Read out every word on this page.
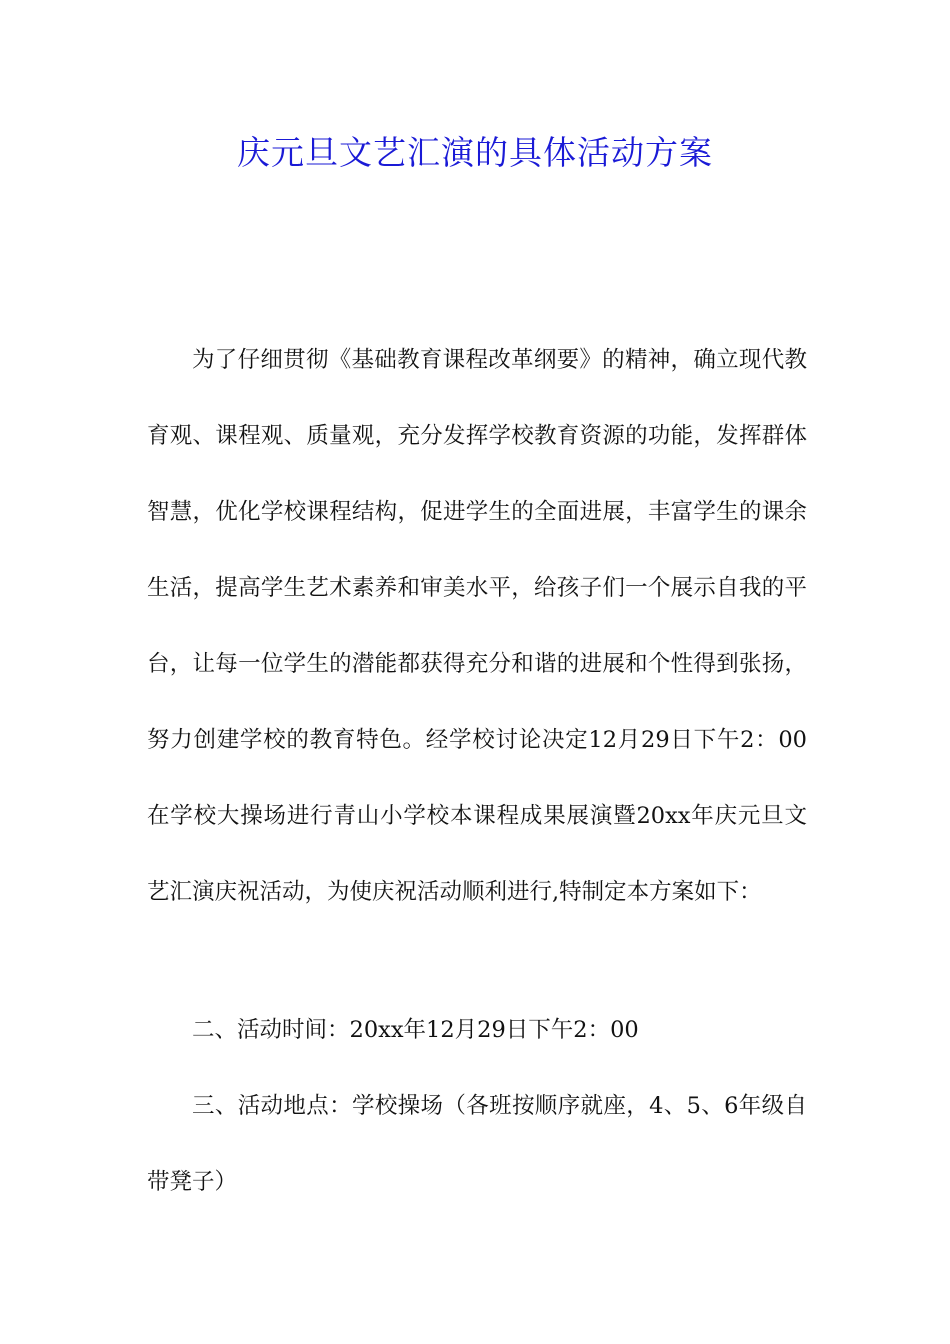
庆元旦文艺汇演的具体活动方案

为了仔细贯彻《基础教育课程改革纲要》的精神，确立现代教育观、课程观、质量观，充分发挥学校教育资源的功能，发挥群体智慧，优化学校课程结构，促进学生的全面进展，丰富学生的课余生活，提高学生艺术素养和审美水平，给孩子们一个展示自我的平台，让每一位学生的潜能都获得充分和谐的进展和个性得到张扬，努力创建学校的教育特色。经学校讨论决定12月29日下午2：00在学校大操场进行青山小学校本课程成果展演暨20xx年庆元旦文艺汇演庆祝活动，为使庆祝活动顺利进行,特制定本方案如下：

二、活动时间：20xx年12月29日下午2：00

三、活动地点：学校操场（各班按顺序就座，4、5、6年级自带凳子）
